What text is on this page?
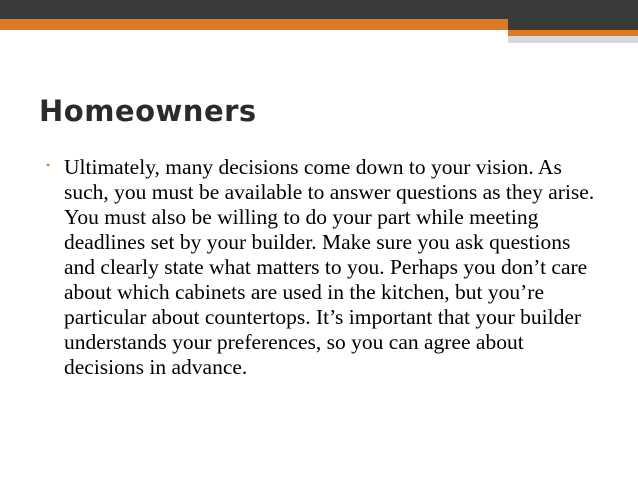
Homeowners
• Ultimately, many decisions come down to your vision. As such, you must be available to answer questions as they arise. You must also be willing to do your part while meeting deadlines set by your builder. Make sure you ask questions and clearly state what matters to you. Perhaps you don’t care about which cabinets are used in the kitchen, but you’re particular about countertops. It’s important that your builder understands your preferences, so you can agree about decisions in advance.
